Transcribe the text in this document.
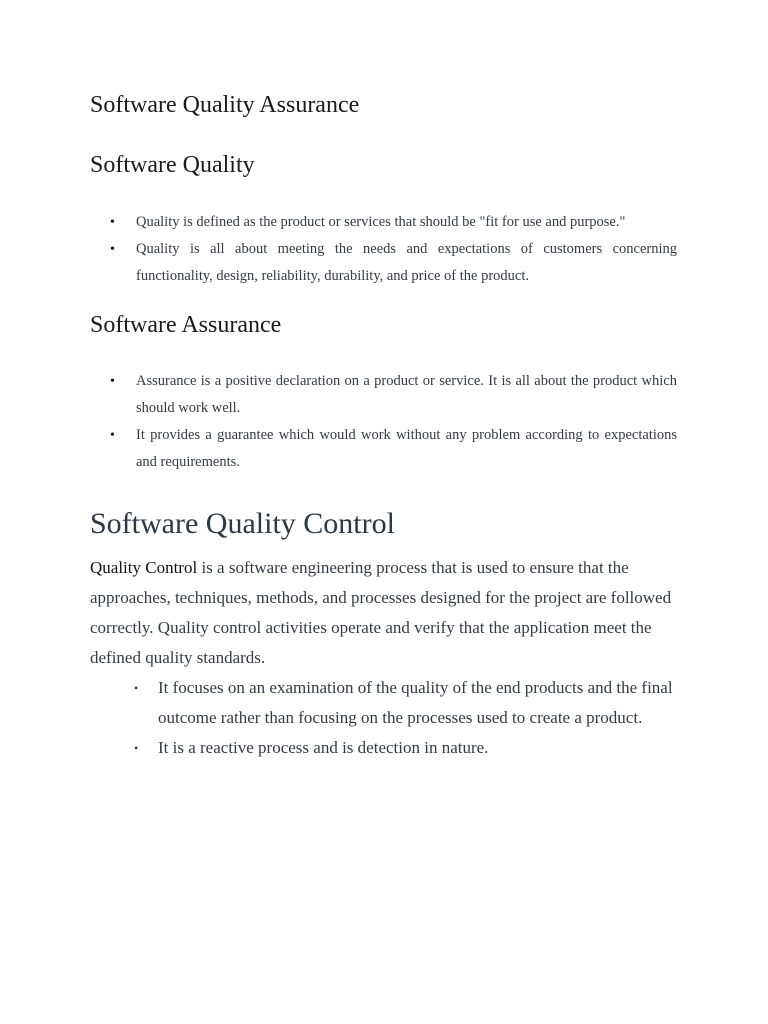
Software Quality Assurance
Software Quality
• Quality is defined as the product or services that should be "fit for use and purpose."
• Quality is all about meeting the needs and expectations of customers concerning functionality, design, reliability, durability, and price of the product.
Software Assurance
• Assurance is a positive declaration on a product or service. It is all about the product which should work well.
• It provides a guarantee which would work without any problem according to expectations and requirements.
Software Quality Control

Quality Control is a software engineering process that is used to ensure that the approaches, techniques, methods, and processes designed for the project are followed correctly. Quality control activities operate and verify that the application meet the defined quality standards.

• It focuses on an examination of the quality of the end products and the final outcome rather than focusing on the processes used to create a product.
• It is a reactive process and is detection in nature.
